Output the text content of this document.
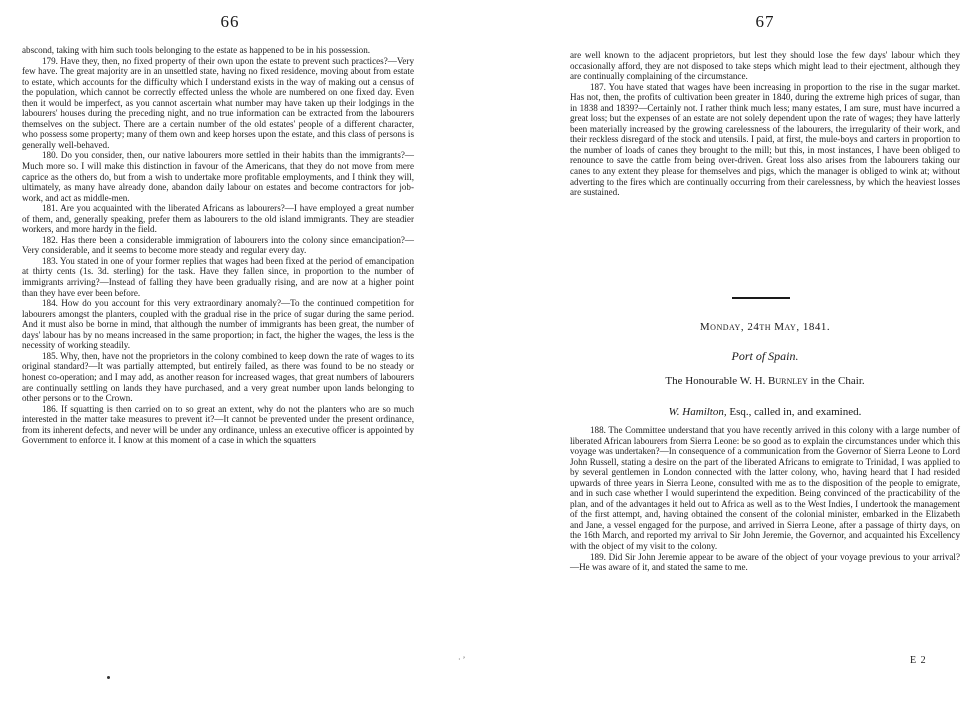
66

abscond, taking with him such tools belonging to the estate as happened to be in his possession.

179. Have they, then, no fixed property of their own upon the estate to prevent such practices?—Very few have. The great majority are in an unsettled state, having no fixed residence, moving about from estate to estate, which accounts for the difficulty which I understand exists in the way of making out a census of the population, which cannot be correctly effected unless the whole are numbered on one fixed day. Even then it would be imperfect, as you cannot ascertain what number may have taken up their lodgings in the labourers' houses during the preceding night, and no true information can be extracted from the labourers themselves on the subject. There are a certain number of the old estates' people of a different character, who possess some property; many of them own and keep horses upon the estate, and this class of persons is generally well-behaved.

180. Do you consider, then, our native labourers more settled in their habits than the immigrants?—Much more so. I will make this distinction in favour of the Americans, that they do not move from mere caprice as the others do, but from a wish to undertake more profitable employments, and I think they will, ultimately, as many have already done, abandon daily labour on estates and become contractors for job-work, and act as middle-men.

181. Are you acquainted with the liberated Africans as labourers?—I have employed a great number of them, and, generally speaking, prefer them as labourers to the old island immigrants. They are steadier workers, and more hardy in the field.

182. Has there been a considerable immigration of labourers into the colony since emancipation?—Very considerable, and it seems to become more steady and regular every day.

183. You stated in one of your former replies that wages had been fixed at the period of emancipation at thirty cents (1s. 3d. sterling) for the task. Have they fallen since, in proportion to the number of immigrants arriving?—Instead of falling they have been gradually rising, and are now at a higher point than they have ever been before.

184. How do you account for this very extraordinary anomaly?—To the continued competition for labourers amongst the planters, coupled with the gradual rise in the price of sugar during the same period. And it must also be borne in mind, that although the number of immigrants has been great, the number of days' labour has by no means increased in the same proportion; in fact, the higher the wages, the less is the necessity of working steadily.

185. Why, then, have not the proprietors in the colony combined to keep down the rate of wages to its original standard?—It was partially attempted, but entirely failed, as there was found to be no steady or honest co-operation; and I may add, as another reason for increased wages, that great numbers of labourers are continually settling on lands they have purchased, and a very great number upon lands belonging to other persons or to the Crown.

186. If squatting is then carried on to so great an extent, why do not the planters who are so much interested in the matter take measures to prevent it?—It cannot be prevented under the present ordinance, from its inherent defects, and never will be under any ordinance, unless an executive officer is appointed by Government to enforce it. I know at this moment of a case in which the squatters

· ʼ
67

are well known to the adjacent proprietors, but lest they should lose the few days' labour which they occasionally afford, they are not disposed to take steps which might lead to their ejectment, although they are continually complaining of the circumstance.

187. You have stated that wages have been increasing in proportion to the rise in the sugar market. Has not, then, the profits of cultivation been greater in 1840, during the extreme high prices of sugar, than in 1838 and 1839?—Certainly not. I rather think much less; many estates, I am sure, must have incurred a great loss; but the expenses of an estate are not solely dependent upon the rate of wages; they have latterly been materially increased by the growing carelessness of the labourers, the irregularity of their work, and their reckless disregard of the stock and utensils. I paid, at first, the mule-boys and carters in proportion to the number of loads of canes they brought to the mill; but this, in most instances, I have been obliged to renounce to save the cattle from being over-driven. Great loss also arises from the labourers taking our canes to any extent they please for themselves and pigs, which the manager is obliged to wink at; without adverting to the fires which are continually occurring from their carelessness, by which the heaviest losses are sustained.

Monday, 24th May, 1841.
Port of Spain.
The Honourable W. H. Burnley in the Chair.
W. Hamilton, Esq., called in, and examined.

188. The Committee understand that you have recently arrived in this colony with a large number of liberated African labourers from Sierra Leone: be so good as to explain the circumstances under which this voyage was undertaken?—In consequence of a communication from the Governor of Sierra Leone to Lord John Russell, stating a desire on the part of the liberated Africans to emigrate to Trinidad, I was applied to by several gentlemen in London connected with the latter colony, who, having heard that I had resided upwards of three years in Sierra Leone, consulted with me as to the disposition of the people to emigrate, and in such case whether I would superintend the expedition. Being convinced of the practicability of the plan, and of the advantages it held out to Africa as well as to the West Indies, I undertook the management of the first attempt, and, having obtained the consent of the colonial minister, embarked in the Elizabeth and Jane, a vessel engaged for the purpose, and arrived in Sierra Leone, after a passage of thirty days, on the 16th March, and reported my arrival to Sir John Jeremie, the Governor, and acquainted his Excellency with the object of my visit to the colony.

189. Did Sir John Jeremie appear to be aware of the object of your voyage previous to your arrival?—He was aware of it, and stated the same to me.

E 2
